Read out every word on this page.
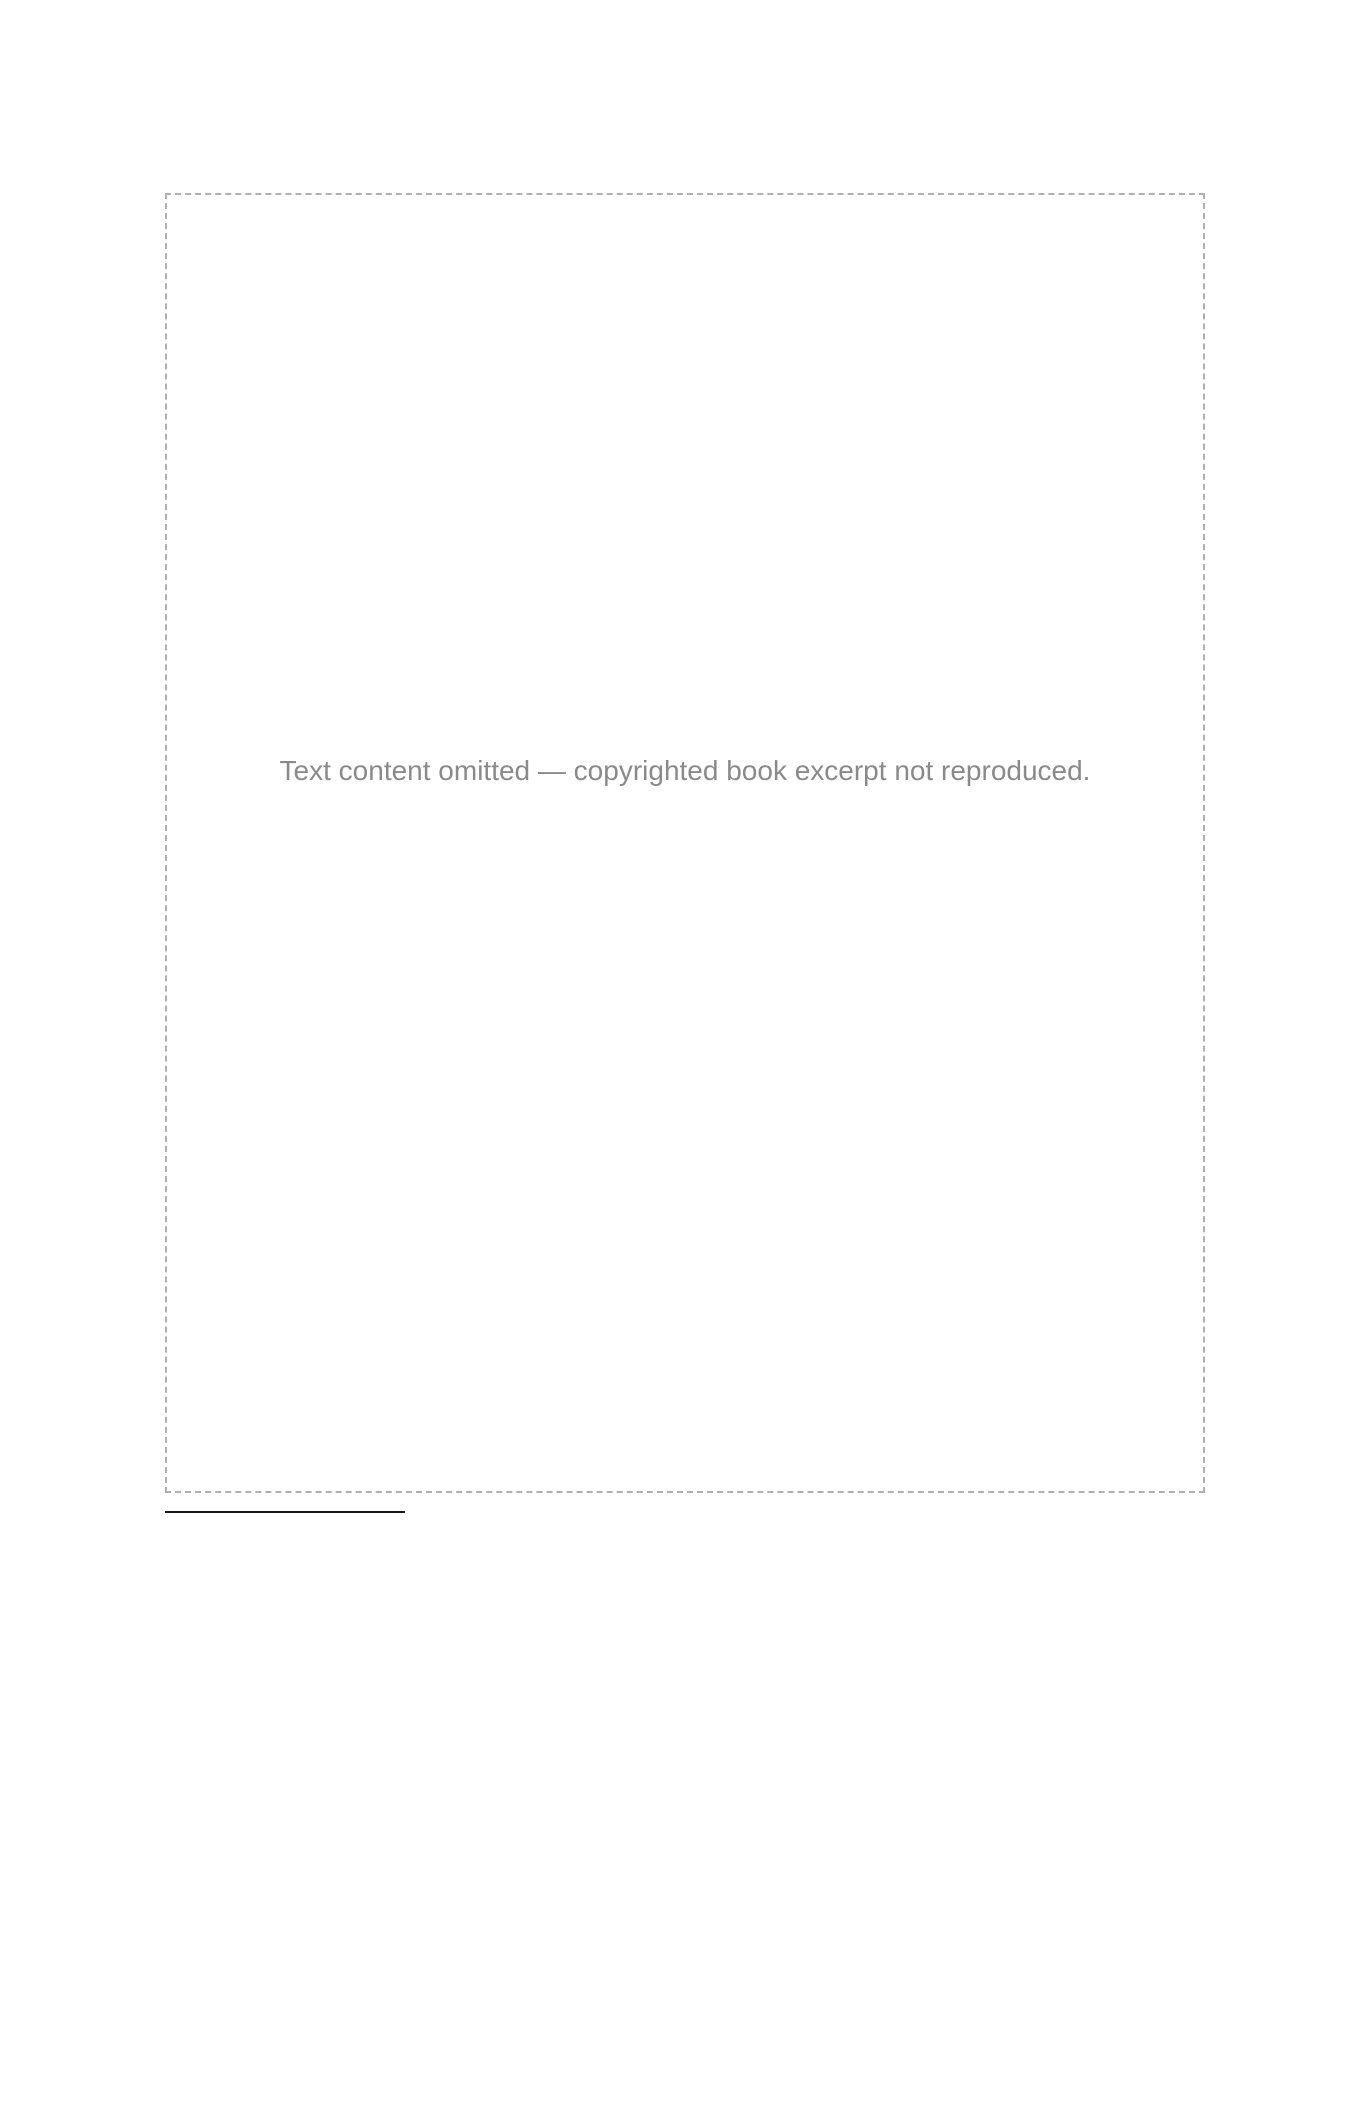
Text content omitted — copyrighted book excerpt not reproduced.
